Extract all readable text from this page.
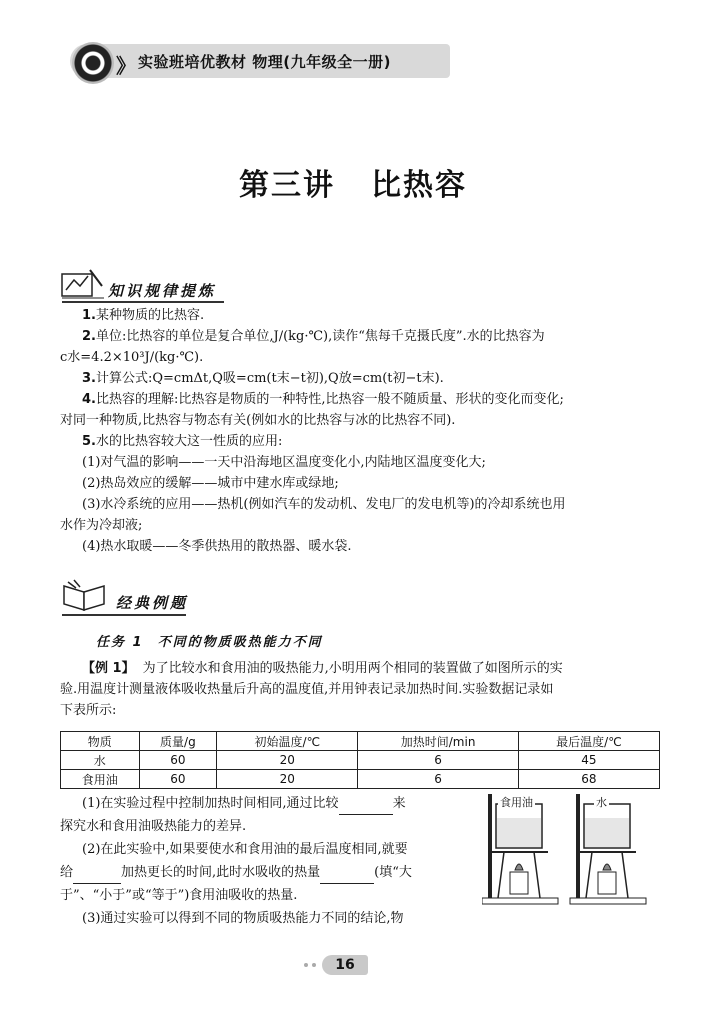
》 实验班培优教材 物理(九年级全一册)
第三讲 比热容
知识规律提炼
1.某种物质的比热容.
2.单位:比热容的单位是复合单位,J/(kg·℃),读作“焦每千克摄氏度”.水的比热容为
c水=4.2×10³J/(kg·℃).
3.计算公式:Q=cmΔt,Q吸=cm(t末−t初),Q放=cm(t初−t末).
4.比热容的理解:比热容是物质的一种特性,比热容一般不随质量、形状的变化而变化;
对同一种物质,比热容与物态有关(例如水的比热容与冰的比热容不同).
5.水的比热容较大这一性质的应用:
(1)对气温的影响——一天中沿海地区温度变化小,内陆地区温度变化大;
(2)热岛效应的缓解——城市中建水库或绿地;
(3)水冷系统的应用——热机(例如汽车的发动机、发电厂的发电机等)的冷却系统也用
水作为冷却液;
(4)热水取暖——冬季供热用的散热器、暖水袋.
经典例题
任务 1 不同的物质吸热能力不同
【例 1】 为了比较水和食用油的吸热能力,小明用两个相同的装置做了如图所示的实
验.用温度计测量液体吸收热量后升高的温度值,并用钟表记录加热时间.实验数据记录如
下表所示:
物质	质量/g	初始温度/℃	加热时间/min	最后温度/℃
水	60	20	6	45
食用油	60	20	6	68
(1)在实验过程中控制加热时间相同,通过比较	来
探究水和食用油吸热能力的差异.
(2)在此实验中,如果要使水和食用油的最后温度相同,就要
给	加热更长的时间,此时水吸收的热量	(填“大
于”、“小于”或“等于”)食用油吸收的热量.
(3)通过实验可以得到不同的物质吸热能力不同的结论,物
食用油	水
16
